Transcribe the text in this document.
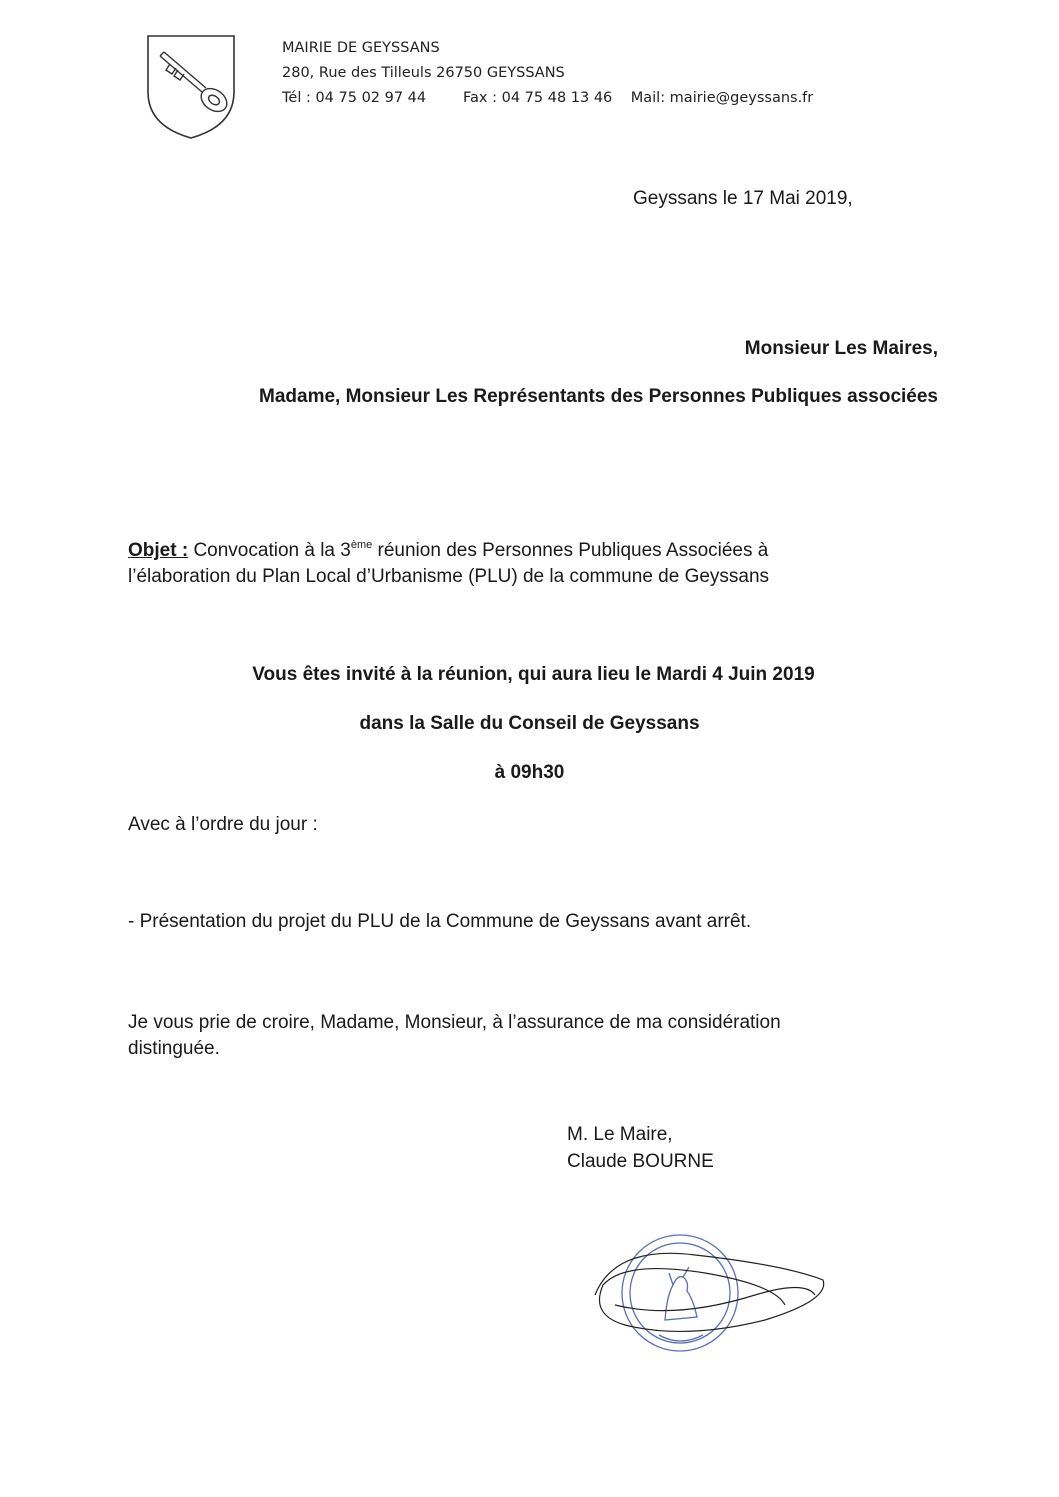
MAIRIE DE GEYSSANS
280, Rue des Tilleuls 26750 GEYSSANS
Tél : 04 75 02 97 44	Fax : 04 75 48 13 46 Mail: mairie@geyssans.fr
Geyssans le 17 Mai 2019,
Monsieur Les Maires,
Madame, Monsieur Les Représentants des Personnes Publiques associées
Objet : Convocation à la 3ème réunion des Personnes Publiques Associées à
l’élaboration du Plan Local d’Urbanisme (PLU) de la commune de Geyssans
Vous êtes invité à la réunion, qui aura lieu le Mardi 4 Juin 2019
dans la Salle du Conseil de Geyssans
à 09h30
Avec à l’ordre du jour :
- Présentation du projet du PLU de la Commune de Geyssans avant arrêt.
Je vous prie de croire, Madame, Monsieur, à l’assurance de ma considération
distinguée.
M. Le Maire,
Claude BOURNE
